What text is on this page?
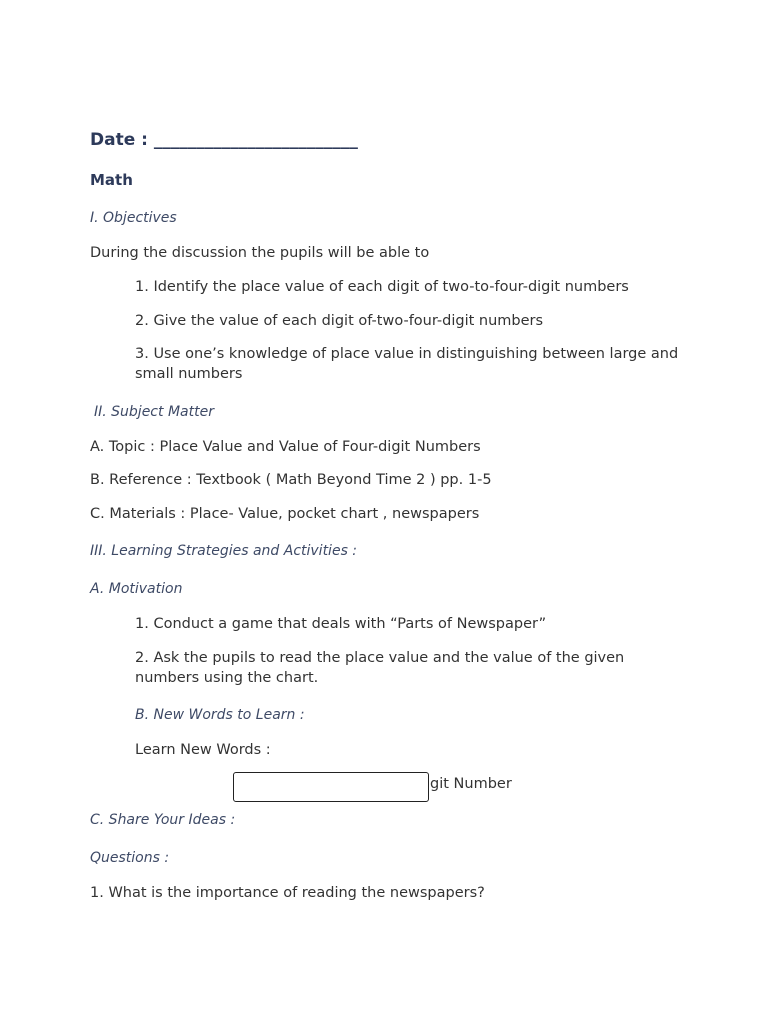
Date : ________________________
Math
I. Objectives
During the discussion the pupils will be able to
1. Identify the place value of each digit of two-to-four-digit numbers
2. Give the value of each digit of-two-four-digit numbers
3. Use one’s knowledge of place value in distinguishing between large and small numbers
II. Subject Matter
A. Topic : Place Value and Value of Four-digit Numbers
B. Reference : Textbook ( Math Beyond Time 2 ) pp. 1-5
C. Materials : Place- Value, pocket chart , newspapers
III. Learning Strategies and Activities :
A. Motivation
1. Conduct a game that deals with “Parts of Newspaper”
2. Ask the pupils to read the place value and the value of the given numbers using the chart.
B. New Words to Learn :
Learn New Words :
git Number
C. Share Your Ideas :
Questions :
1. What is the importance of reading the newspapers?
